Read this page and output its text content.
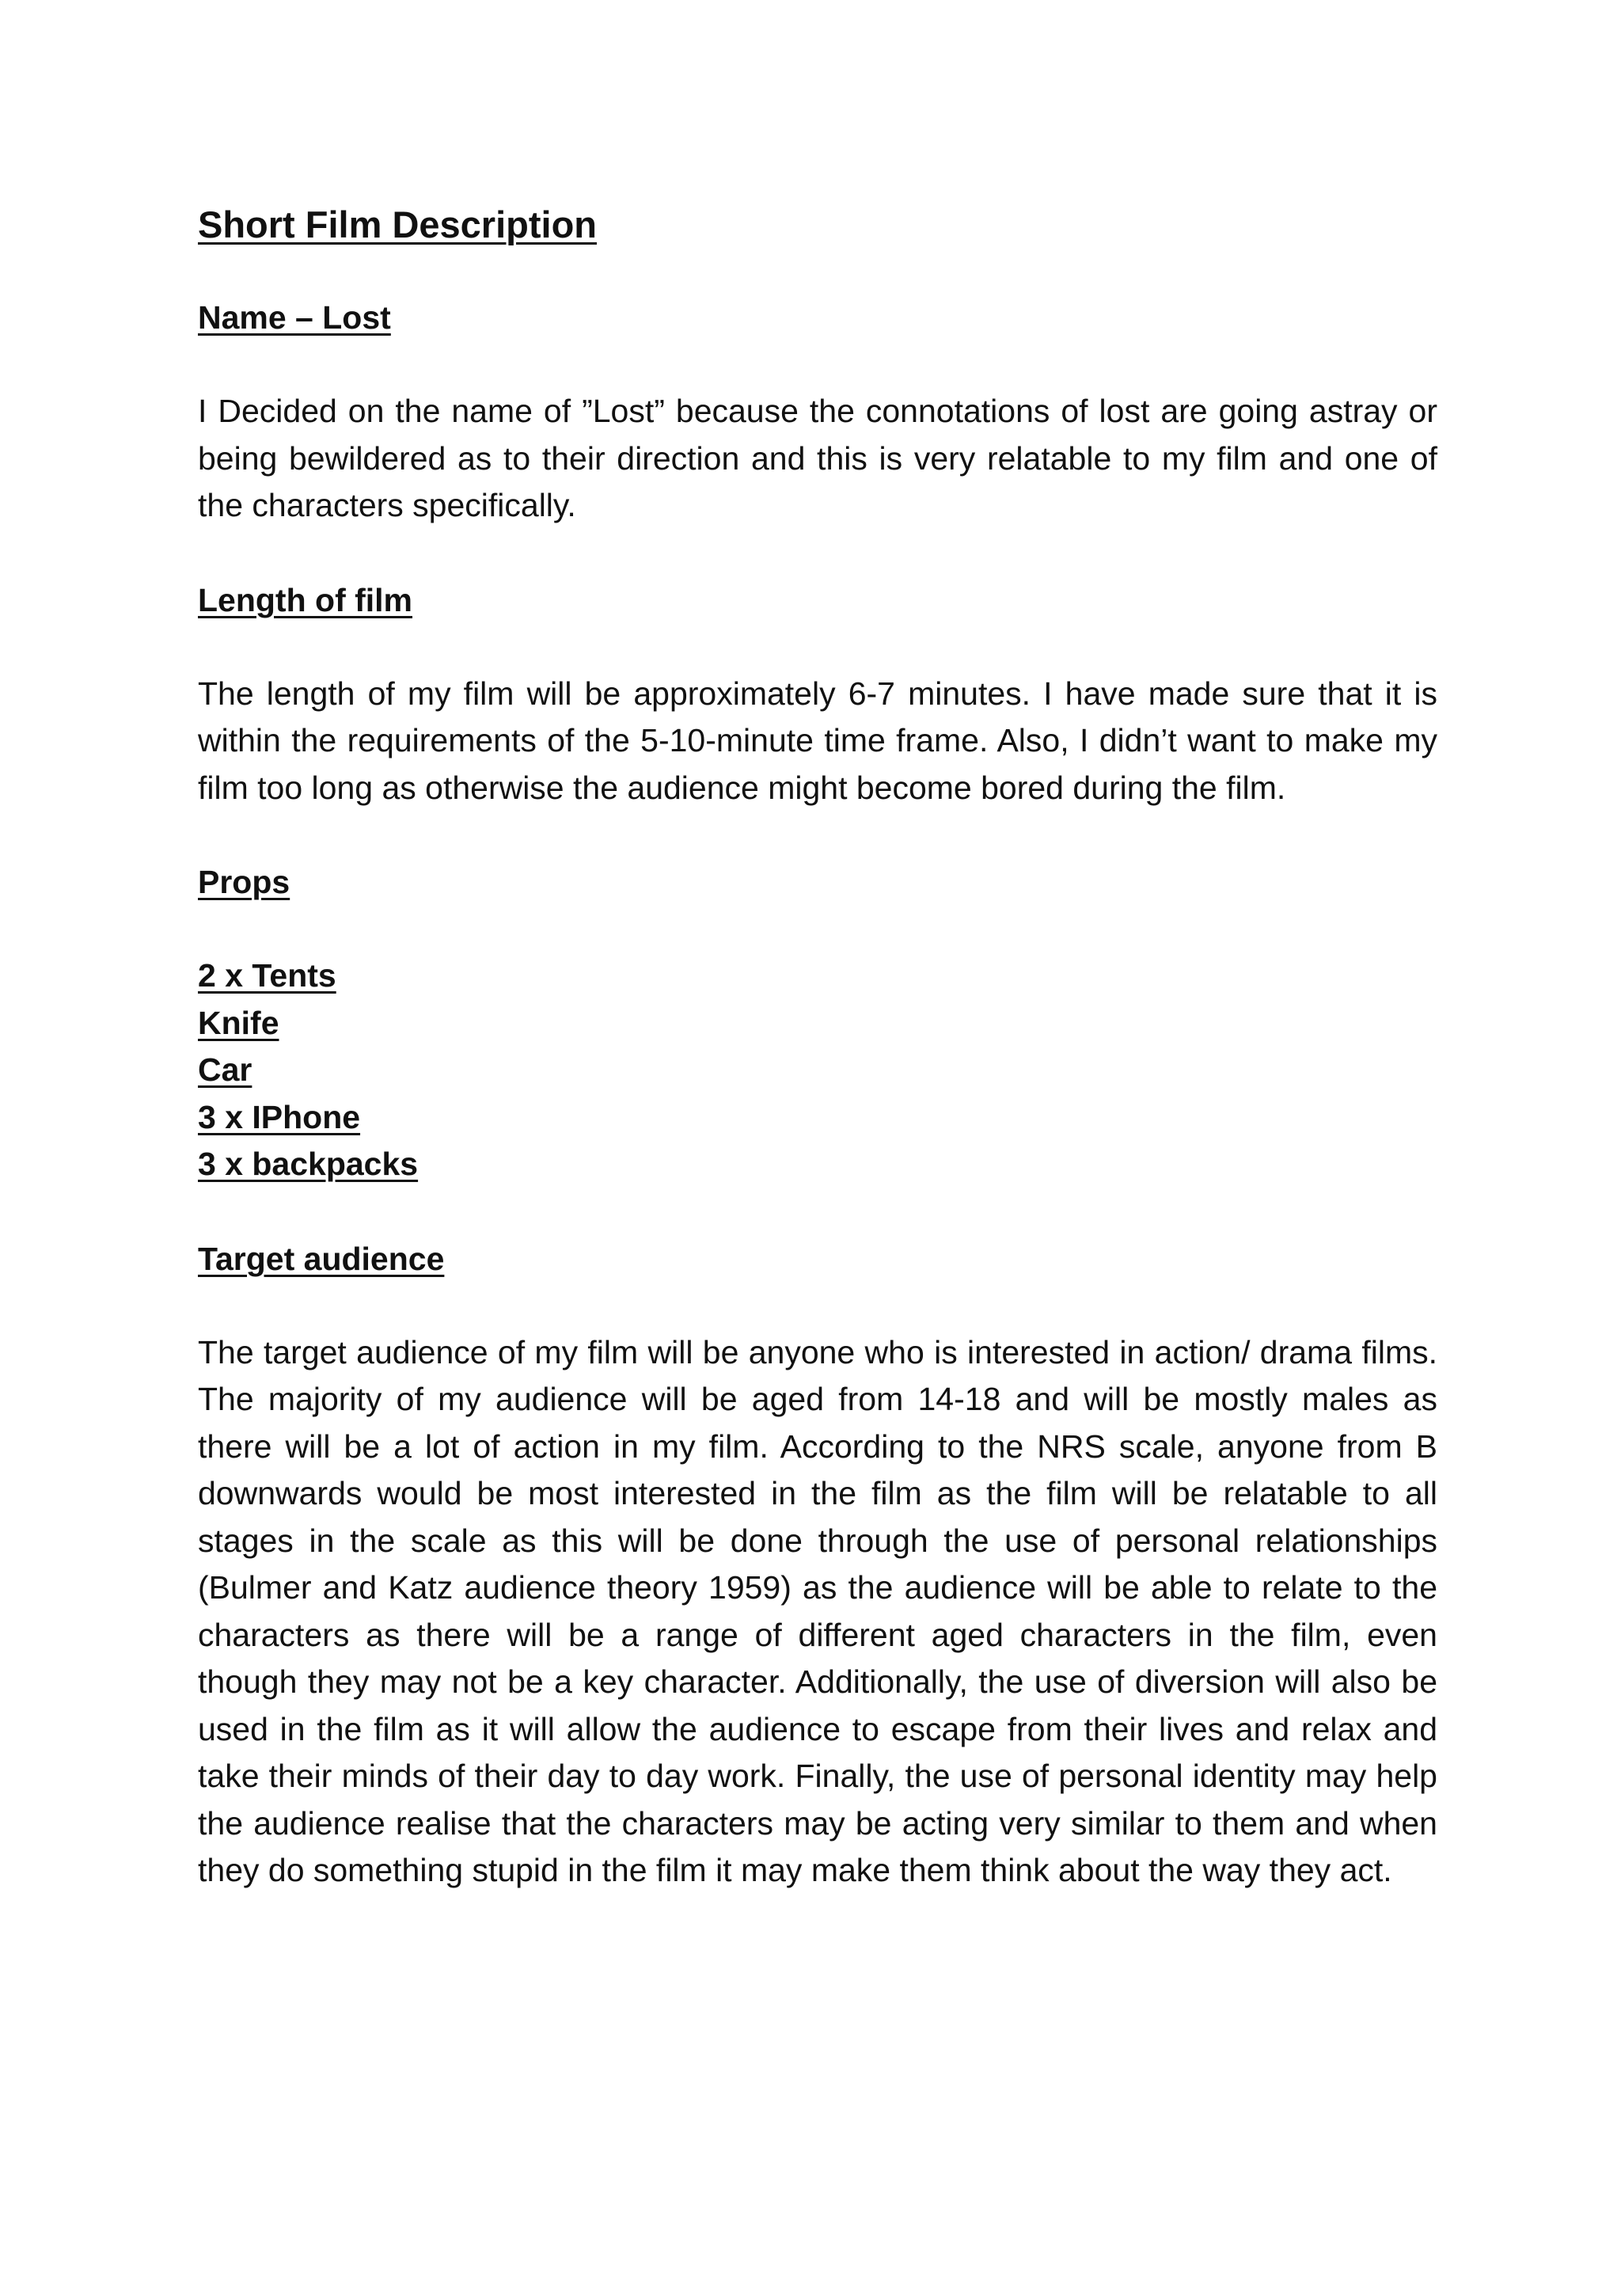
Short Film Description
Name – Lost

I Decided on the name of ”Lost” because the connotations of lost are going astray or being bewildered as to their direction and this is very relatable to my film and one of the characters specifically.

Length of film

The length of my film will be approximately 6-7 minutes. I have made sure that it is within the requirements of the 5-10-minute time frame. Also, I didn’t want to make my film too long as otherwise the audience might become bored during the film.

Props
2 x Tents
Knife
Car
3 x IPhone
3 x backpacks
Target audience

The target audience of my film will be anyone who is interested in action/ drama films. The majority of my audience will be aged from 14-18 and will be mostly males as there will be a lot of action in my film. According to the NRS scale, anyone from B downwards would be most interested in the film as the film will be relatable to all stages in the scale as this will be done through the use of personal relationships (Bulmer and Katz audience theory 1959) as the audience will be able to relate to the characters as there will be a range of different aged characters in the film, even though they may not be a key character. Additionally, the use of diversion will also be used in the film as it will allow the audience to escape from their lives and relax and take their minds of their day to day work. Finally, the use of personal identity may help the audience realise that the characters may be acting very similar to them and when they do something stupid in the film it may make them think about the way they act.
